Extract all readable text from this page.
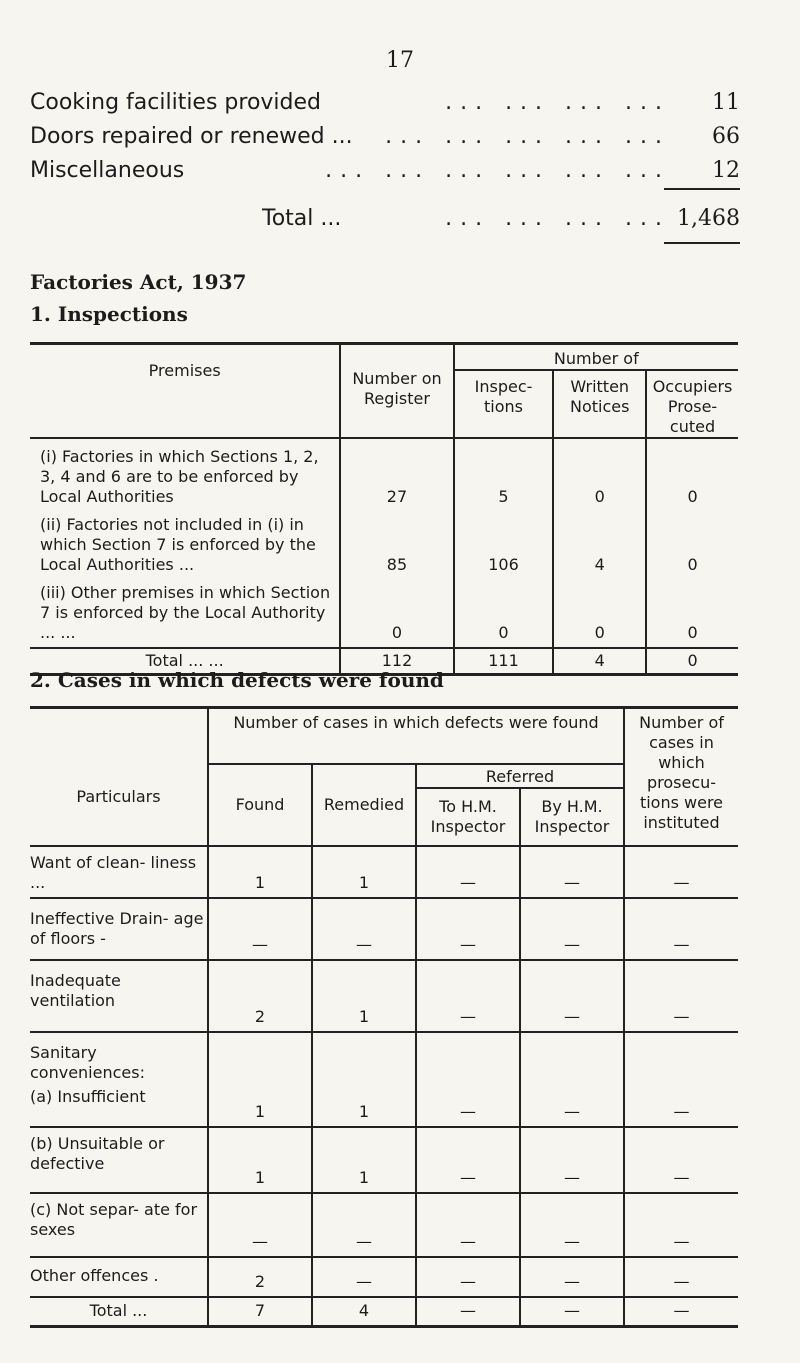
17
Cooking facilities provided	... ... ... ... 11
Doors repaired or renewed ...	... ... ... ... ... 66
Miscellaneous	... ... ... ... ... ... 12
Total ...	... ... ... ... 1,468
Factories Act, 1937
1. Inspections
Premises	Number on Register	Number of		
		Inspec- tions	Written Notices	Occupiers Prose- cuted

(i) Factories in which Sections 1, 2, 3, 4 and 6 are to be enforced by Local Authorities	27	5	0	0

(ii) Factories not included in (i) in which Section 7 is enforced by the Local Authorities ...	85	106	4	0

(iii) Other premises in which Section 7 is enforced by the Local Authority ... ...	0	0	0	0
Total ... ...	112	111	4	0
2. Cases in which defects were found
Particulars	Number of cases in which defects were found				Number of cases in which prosecu- tions were instituted
	Found	Remedied	Referred		
			To H.M. Inspector	By H.M. Inspector	
Want of clean- liness ...	1	1	—	—	—
Ineffective Drain- age of floors -	—	—	—	—	—
Inadequate ventilation	2	1	—	—	—
Sanitary conveniences:					
(a) Insufficient	1	1	—	—	—
(b) Unsuitable or defective	1	1	—	—	—
(c) Not separ- ate for sexes	—	—	—	—	—
Other offences .	2	—	—	—	—
Total ...	7	4	—	—	—
